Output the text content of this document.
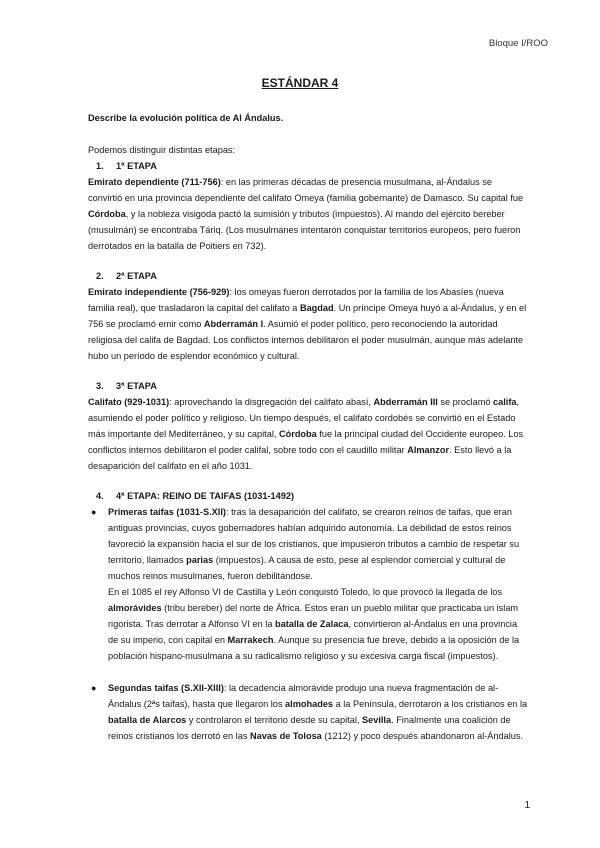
Bloque I/ROO
ESTÁNDAR 4

Describe la evolución política de Al Ándalus.

Podemos distinguir distintas etapas:

1. 1ª ETAPA

Emirato dependiente (711-756): en las primeras décadas de presencia musulmana, al-Ándalus se convirtió en una provincia dependiente del califato Omeya (familia gobernante) de Damasco. Su capital fue Córdoba, y la nobleza visigoda pactó la sumisión y tributos (impuestos). Al mando del ejército bereber (musulmán) se encontraba Táriq. (Los musulmanes intentaron conquistar territorios europeos, pero fueron derrotados en la batalla de Poitiers en 732).

2. 2ª ETAPA

Emirato independiente (756-929): los omeyas fueron derrotados por la familia de los Abasíes (nueva familia real), que trasladaron la capital del califato a Bagdad. Un príncipe Omeya huyó a al-Ándalus, y en el 756 se proclamó emir como Abderramán I. Asumió el poder político, pero reconociendo la autoridad religiosa del califa de Bagdad. Los conflictos internos debilitaron el poder musulmán, aunque más adelante hubo un período de esplendor económico y cultural.

3. 3ª ETAPA

Califato (929-1031): aprovechando la disgregación del califato abasí, Abderramán III se proclamó califa, asumiendo el poder político y religioso. Un tiempo después, el califato cordobés se convirtió en el Estado más importante del Mediterráneo, y su capital, Córdoba fue la principal ciudad del Occidente europeo. Los conflictos internos debilitaron el poder califal, sobre todo con el caudillo militar Almanzor. Esto llevó a la desaparición del califato en el año 1031.

4. 4ª ETAPA: REINO DE TAIFAS (1031-1492)

● Primeras taifas (1031-S.XII): tras la desaparición del califato, se crearon reinos de taifas, que eran antiguas provincias, cuyos gobernadores habían adquirido autonomía. La debilidad de estos reinos favoreció la expansión hacia el sur de los cristianos, que impusieron tributos a cambio de respetar su territorio, llamados parias (impuestos). A causa de esto, pese al esplendor comercial y cultural de muchos reinos musulmanes, fueron debilitándose.

En el 1085 el rey Alfonso VI de Castilla y León conquistó Toledo, lo que provocó la llegada de los almorávides (tribu bereber) del norte de África. Estos eran un pueblo militar que practicaba un islam rigorista. Tras derrotar a Alfonso VI en la batalla de Zalaca, convirtieron al-Ándalus en una provincia de su imperio, con capital en Marrakech. Aunque su presencia fue breve, debido a la oposición de la población hispano-musulmana a su radicalismo religioso y su excesiva carga fiscal (impuestos).

● Segundas taifas (S.XII-XIII): la decadencia almorávide produjo una nueva fragmentación de al-Ándalus (2ªs taifas), hasta que llegaron los almohades a la Península, derrotaron a los cristianos en la batalla de Alarcos y controlaron el territorio desde su capital, Sevilla. Finalmente una coalición de reinos cristianos los derrotó en las Navas de Tolosa (1212) y poco después abandonaron al-Ándalus.

1
